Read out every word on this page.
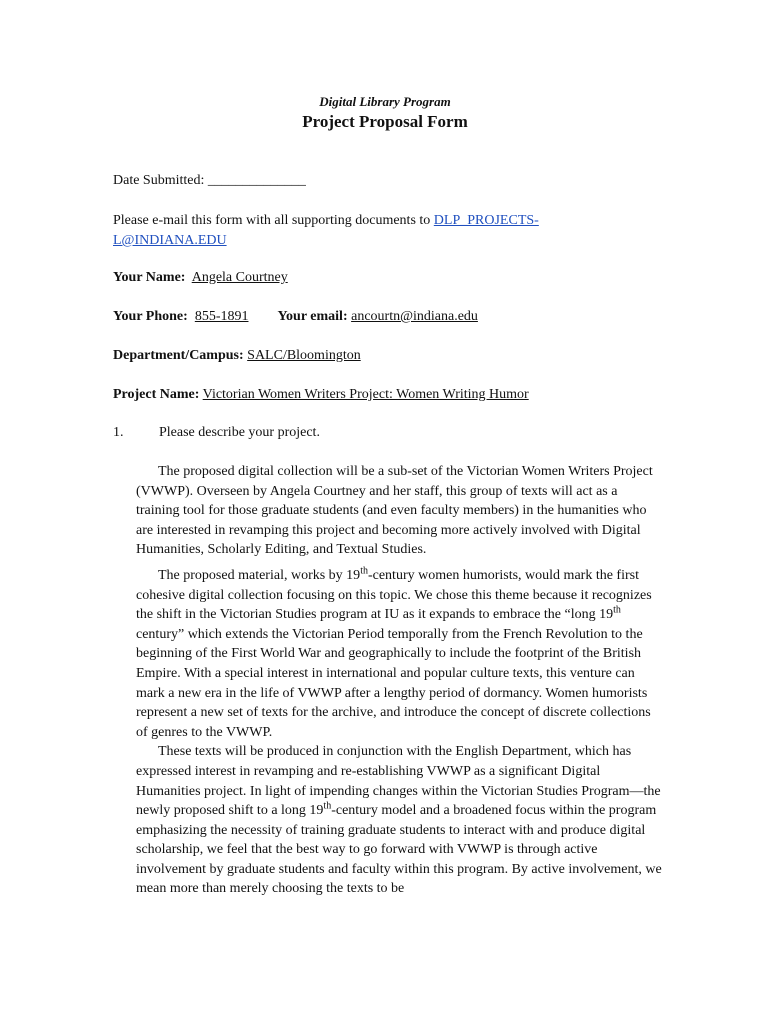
Digital Library Program
Project Proposal Form
Date Submitted: ______________
Please e-mail this form with all supporting documents to DLP_PROJECTS-L@INDIANA.EDU
Your Name: Angela Courtney
Your Phone: 855-1891 Your email: ancourtn@indiana.edu
Department/Campus: SALC/Bloomington
Project Name: Victorian Women Writers Project: Women Writing Humor
1.	Please describe your project.

The proposed digital collection will be a sub-set of the Victorian Women Writers Project (VWWP). Overseen by Angela Courtney and her staff, this group of texts will act as a training tool for those graduate students (and even faculty members) in the humanities who are interested in revamping this project and becoming more actively involved with Digital Humanities, Scholarly Editing, and Textual Studies.

The proposed material, works by 19th-century women humorists, would mark the first cohesive digital collection focusing on this topic. We chose this theme because it recognizes the shift in the Victorian Studies program at IU as it expands to embrace the “long 19th century” which extends the Victorian Period temporally from the French Revolution to the beginning of the First World War and geographically to include the footprint of the British Empire. With a special interest in international and popular culture texts, this venture can mark a new era in the life of VWWP after a lengthy period of dormancy. Women humorists represent a new set of texts for the archive, and introduce the concept of discrete collections of genres to the VWWP.

These texts will be produced in conjunction with the English Department, which has expressed interest in revamping and re-establishing VWWP as a significant Digital Humanities project. In light of impending changes within the Victorian Studies Program—the newly proposed shift to a long 19th-century model and a broadened focus within the program emphasizing the necessity of training graduate students to interact with and produce digital scholarship, we feel that the best way to go forward with VWWP is through active involvement by graduate students and faculty within this program. By active involvement, we mean more than merely choosing the texts to be
